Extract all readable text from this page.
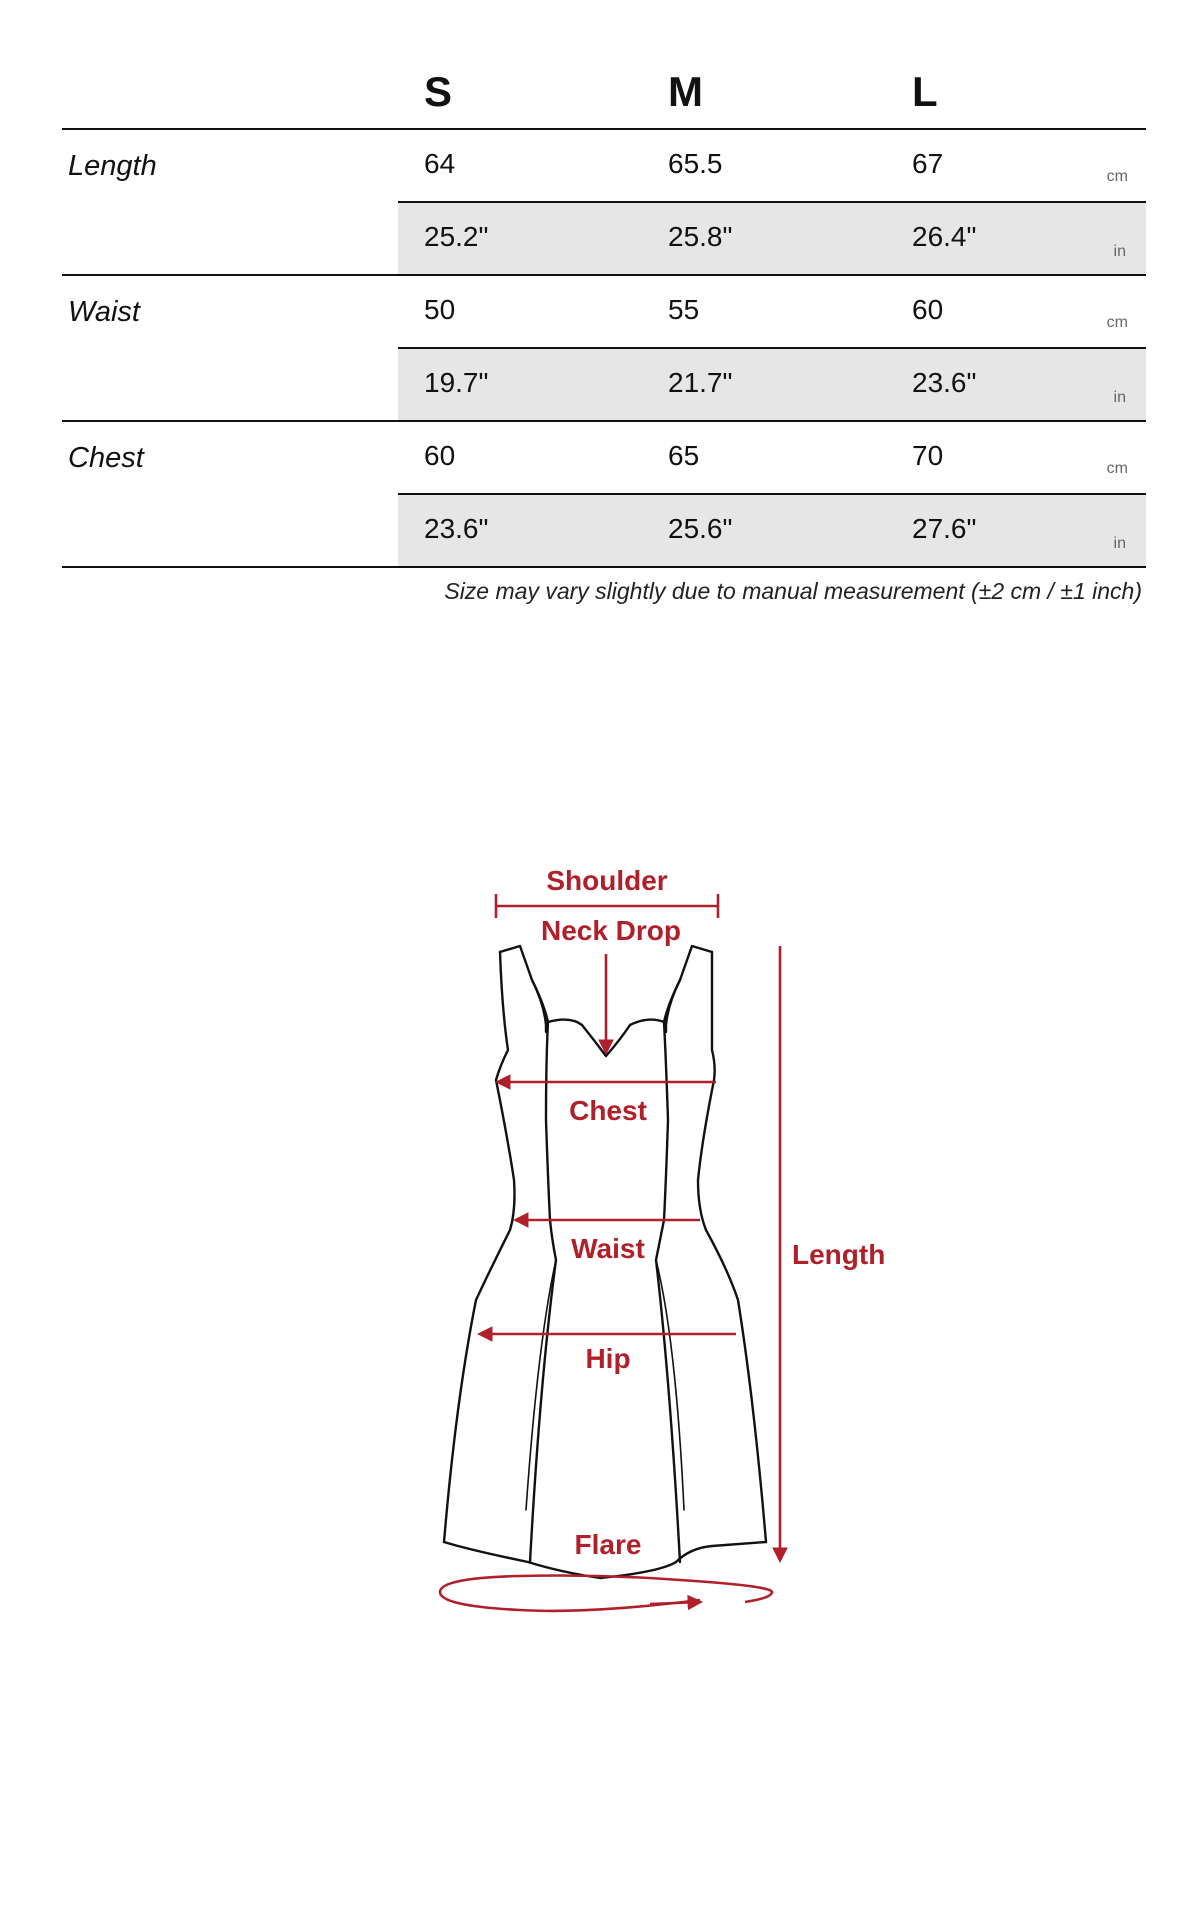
S	M	L
Length	64	65.5	67	cm
25.2"	25.8"	26.4"	in
Waist	50	55	60	cm
19.7"	21.7"	23.6"	in
Chest	60	65	70	cm
23.6"	25.6"	27.6"	in
Size may vary slightly due to manual measurement (±2 cm / ±1 inch)
Shoulder
Neck Drop
Chest
Waist
Hip
Length
Flare
